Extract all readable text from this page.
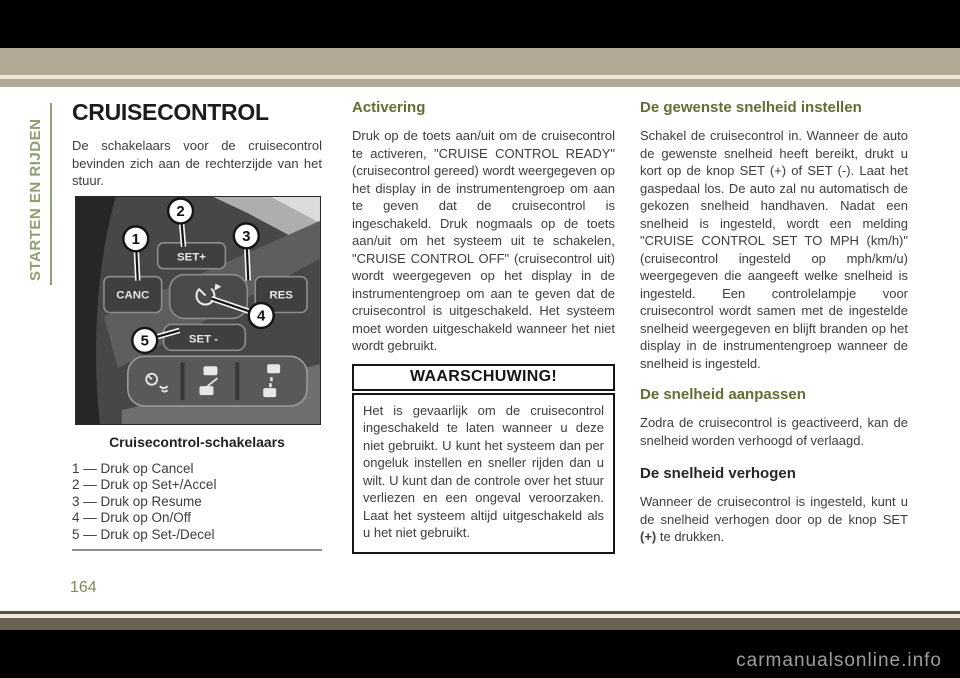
STARTEN EN RIJDEN
CRUISECONTROL

De schakelaars voor de cruisecontrol bevinden zich aan de rechterzijde van het stuur.

SET+
CANC	RES
SET -
1
2
3
4
5
Cruisecontrol-schakelaars
1 — Druk op Cancel
2 — Druk op Set+/Accel
3 — Druk op Resume
4 — Druk op On/Off
5 — Druk op Set-/Decel
Activering

Druk op de toets aan/uit om de cruisecontrol te activeren, "CRUISE CONTROL READY" (cruisecontrol gereed) wordt weergegeven op het display in de instrumentengroep om aan te geven dat de cruisecontrol is ingeschakeld. Druk nogmaals op de toets aan/uit om het systeem uit te schakelen, "CRUISE CONTROL OFF" (cruisecontrol uit) wordt weergegeven op het display in de instrumentengroep om aan te geven dat de cruisecontrol is uitgeschakeld. Het systeem moet worden uitgeschakeld wanneer het niet wordt gebruikt.

WAARSCHUWING!
Het is gevaarlijk om de cruisecontrol ingeschakeld te laten wanneer u deze niet gebruikt. U kunt het systeem dan per ongeluk instellen en sneller rijden dan u wilt. U kunt dan de controle over het stuur verliezen en een ongeval veroorzaken. Laat het systeem altijd uitgeschakeld als u het niet gebruikt.
De gewenste snelheid instellen

Schakel de cruisecontrol in. Wanneer de auto de gewenste snelheid heeft bereikt, drukt u kort op de knop SET (+) of SET (-). Laat het gaspedaal los. De auto zal nu automatisch de gekozen snelheid handhaven. Nadat een snelheid is ingesteld, wordt een melding "CRUISE CONTROL SET TO MPH (km/h)" (cruisecontrol ingesteld op mph/km/u) weergegeven die aangeeft welke snelheid is ingesteld. Een controlelampje voor cruisecontrol wordt samen met de ingestelde snelheid weergegeven en blijft branden op het display in de instrumentengroep wanneer de snelheid is ingesteld.

De snelheid aanpassen

Zodra de cruisecontrol is geactiveerd, kan de snelheid worden verhoogd of verlaagd.

De snelheid verhogen

Wanneer de cruisecontrol is ingesteld, kunt u de snelheid verhogen door op de knop SET (+) te drukken.

164
carmanualsonline.info
